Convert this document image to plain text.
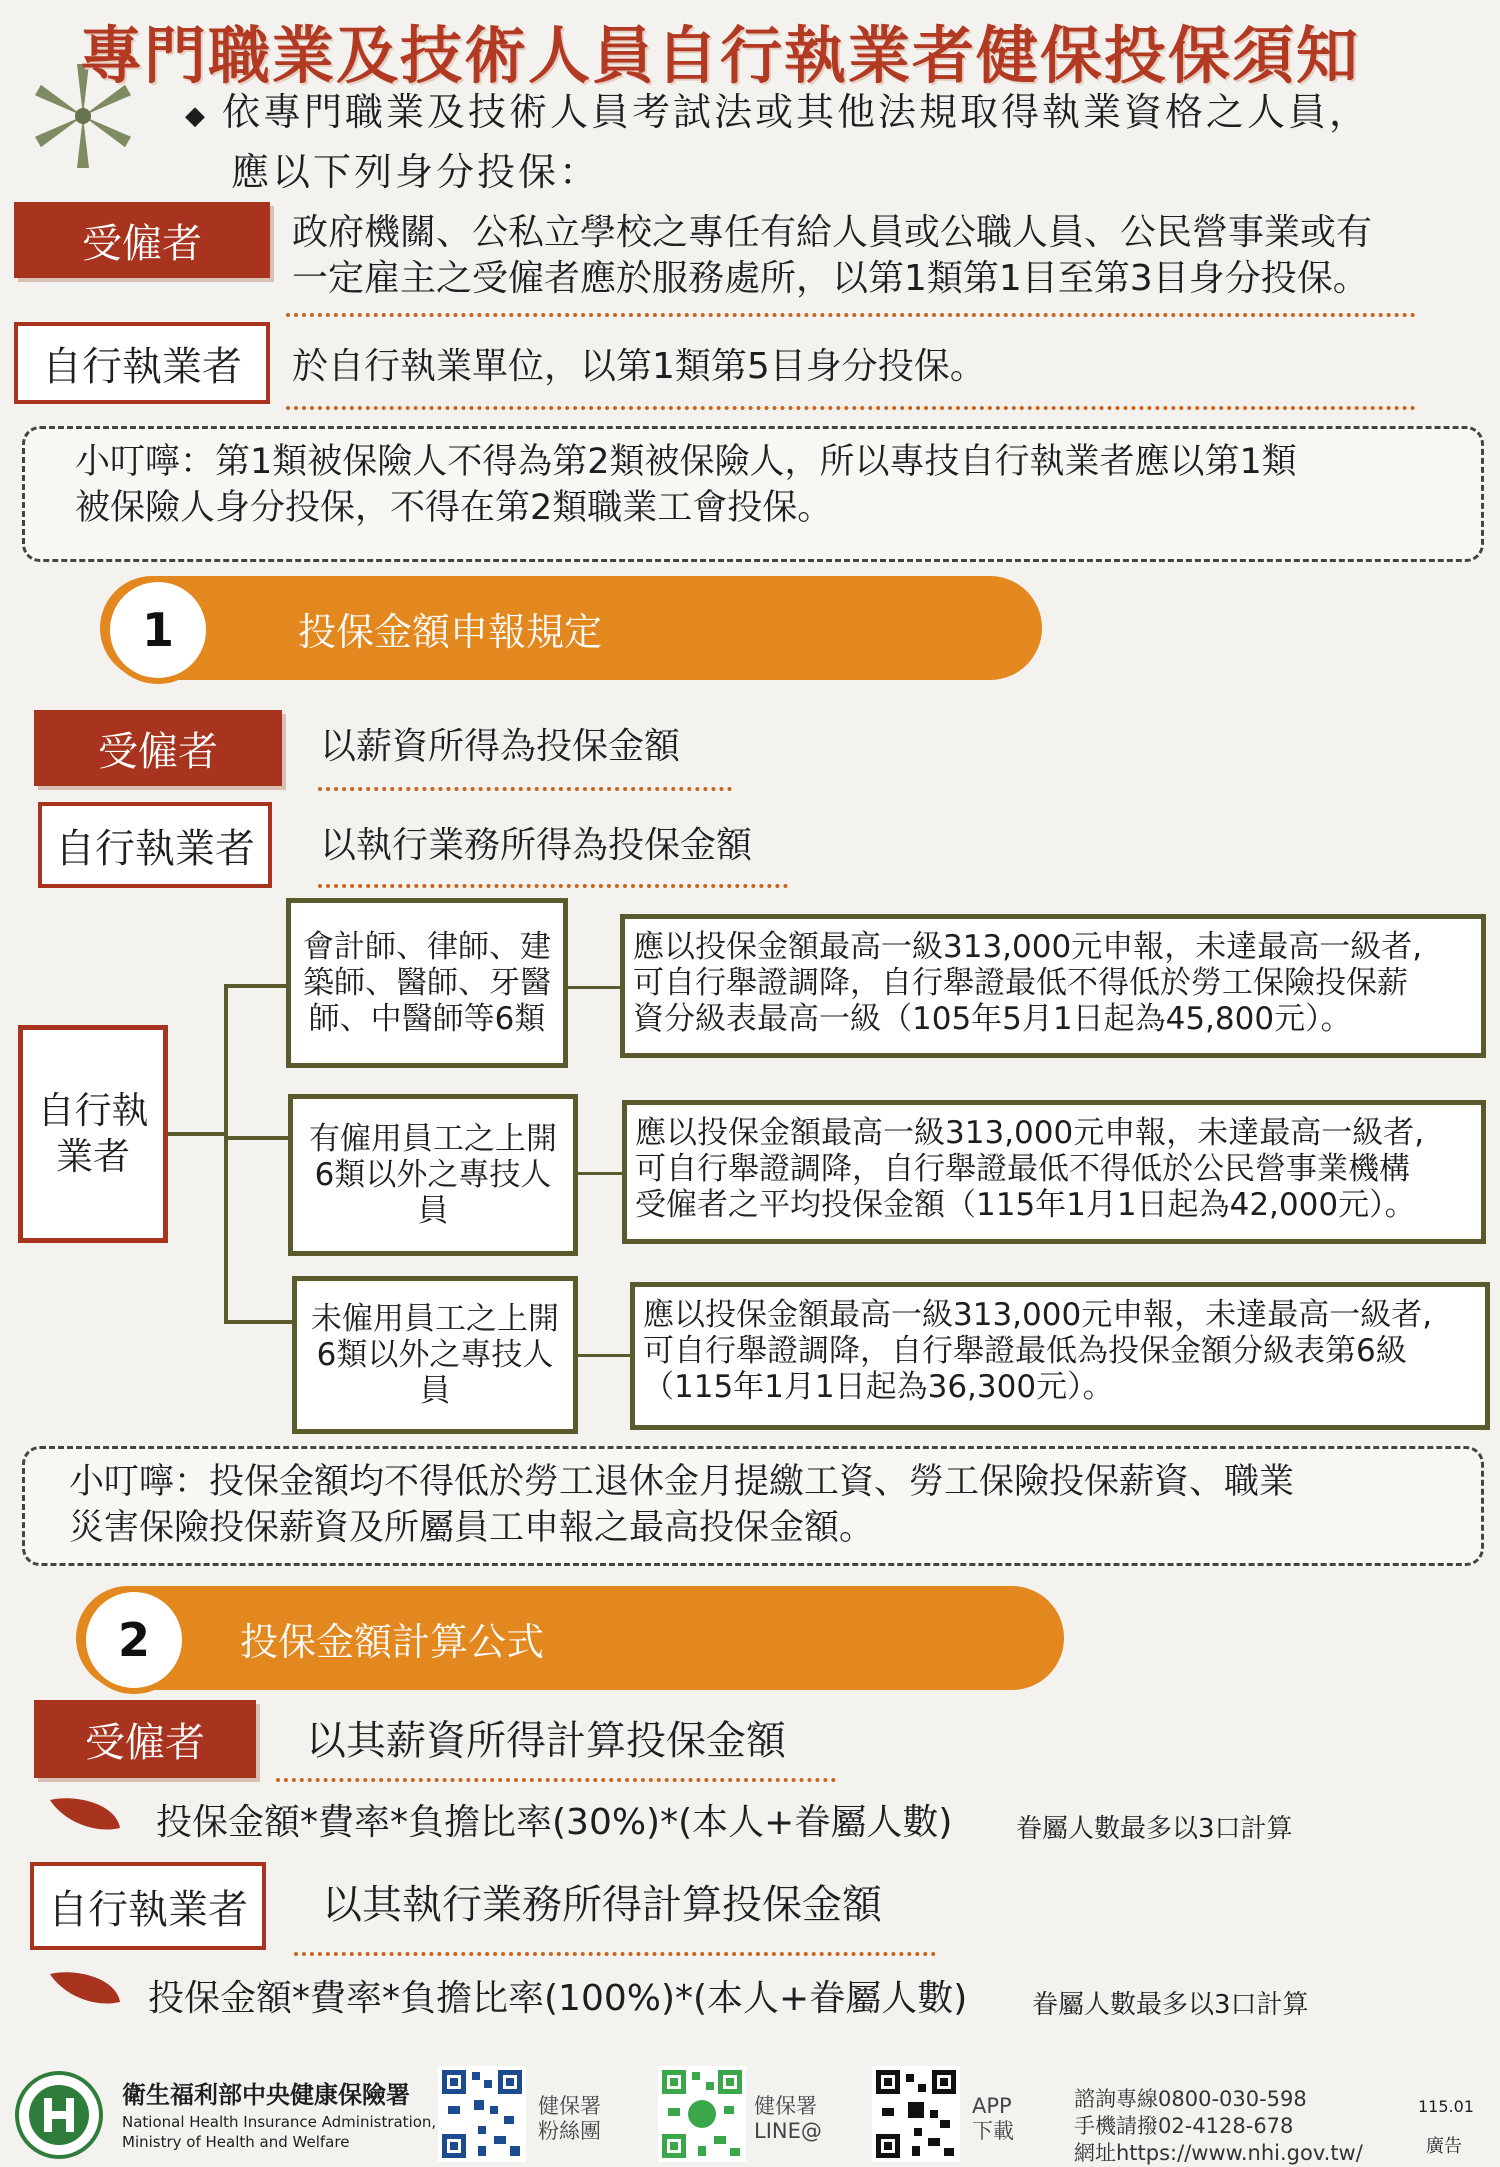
專門職業及技術人員自行執業者健保投保須知
◆ 依專門職業及技術人員考試法或其他法規取得執業資格之人員，
應以下列身分投保：
受僱者	政府機關、公私立學校之專任有給人員或公職人員、公民營事業或有
一定雇主之受僱者應於服務處所，以第1類第1目至第3目身分投保。
自行執業者	於自行執業單位，以第1類第5目身分投保。
小叮嚀：第1類被保險人不得為第2類被保險人，所以專技自行執業者應以第1類
被保險人身分投保，不得在第2類職業工會投保。
1	投保金額申報規定
受僱者	以薪資所得為投保金額
自行執業者	以執行業務所得為投保金額
自行執
業者
會計師、律師、建
築師、醫師、牙醫
師、中醫師等6類
應以投保金額最高一級313,000元申報，未達最高一級者,
可自行舉證調降，自行舉證最低不得低於勞工保險投保薪
資分級表最高一級（105年5月1日起為45,800元）。
有僱用員工之上開
6類以外之專技人
員
應以投保金額最高一級313,000元申報，未達最高一級者,
可自行舉證調降，自行舉證最低不得低於公民營事業機構
受僱者之平均投保金額（115年1月1日起為42,000元）。
未僱用員工之上開
6類以外之專技人
員
應以投保金額最高一級313,000元申報，未達最高一級者,
可自行舉證調降，自行舉證最低為投保金額分級表第6級
（115年1月1日起為36,300元）。
小叮嚀：投保金額均不得低於勞工退休金月提繳工資、勞工保險投保薪資、職業
災害保險投保薪資及所屬員工申報之最高投保金額。
2	投保金額計算公式
受僱者	以其薪資所得計算投保金額
投保金額*費率*負擔比率(30%)*(本人+眷屬人數) 眷屬人數最多以3口計算
自行執業者	以其執行業務所得計算投保金額
投保金額*費率*負擔比率(100%)*(本人+眷屬人數) 眷屬人數最多以3口計算
衛生福利部中央健康保險署
National Health Insurance Administration,
Ministry of Health and Welfare
健保署
粉絲團
健保署
LINE@
APP
下載
諮詢專線0800-030-598
手機請撥02-4128-678
網址https://www.nhi.gov.tw/
115.01
廣告
